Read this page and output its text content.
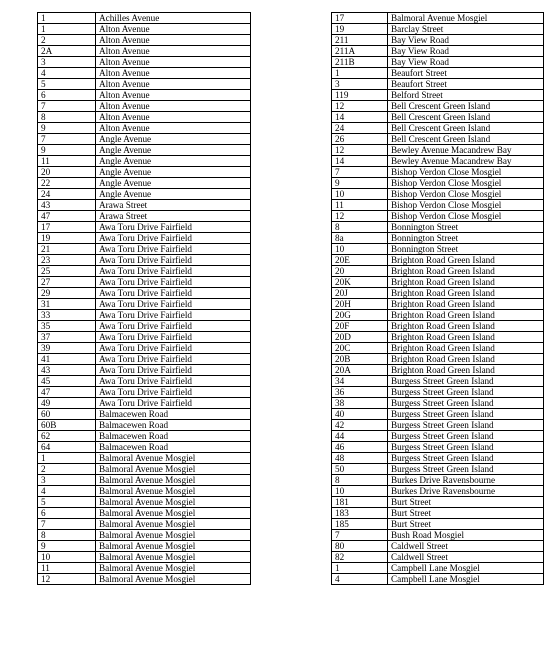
1	Achilles Avenue
1	Alton Avenue
2	Alton Avenue
2A	Alton Avenue
3	Alton Avenue
4	Alton Avenue
5	Alton Avenue
6	Alton Avenue
7	Alton Avenue
8	Alton Avenue
9	Alton Avenue
7	Angle Avenue
9	Angle Avenue
11	Angle Avenue
20	Angle Avenue
22	Angle Avenue
24	Angle Avenue
43	Arawa Street
47	Arawa Street
17	Awa Toru Drive Fairfield
19	Awa Toru Drive Fairfield
21	Awa Toru Drive Fairfield
23	Awa Toru Drive Fairfield
25	Awa Toru Drive Fairfield
27	Awa Toru Drive Fairfield
29	Awa Toru Drive Fairfield
31	Awa Toru Drive Fairfield
33	Awa Toru Drive Fairfield
35	Awa Toru Drive Fairfield
37	Awa Toru Drive Fairfield
39	Awa Toru Drive Fairfield
41	Awa Toru Drive Fairfield
43	Awa Toru Drive Fairfield
45	Awa Toru Drive Fairfield
47	Awa Toru Drive Fairfield
49	Awa Toru Drive Fairfield
60	Balmacewen Road
60B	Balmacewen Road
62	Balmacewen Road
64	Balmacewen Road
1	Balmoral Avenue Mosgiel
2	Balmoral Avenue Mosgiel
3	Balmoral Avenue Mosgiel
4	Balmoral Avenue Mosgiel
5	Balmoral Avenue Mosgiel
6	Balmoral Avenue Mosgiel
7	Balmoral Avenue Mosgiel
8	Balmoral Avenue Mosgiel
9	Balmoral Avenue Mosgiel
10	Balmoral Avenue Mosgiel
11	Balmoral Avenue Mosgiel
12	Balmoral Avenue Mosgiel
17	Balmoral Avenue Mosgiel
19	Barclay Street
211	Bay View Road
211A	Bay View Road
211B	Bay View Road
1	Beaufort Street
3	Beaufort Street
119	Belford Street
12	Bell Crescent Green Island
14	Bell Crescent Green Island
24	Bell Crescent Green Island
26	Bell Crescent Green Island
12	Bewley Avenue Macandrew Bay
14	Bewley Avenue Macandrew Bay
7	Bishop Verdon Close Mosgiel
9	Bishop Verdon Close Mosgiel
10	Bishop Verdon Close Mosgiel
11	Bishop Verdon Close Mosgiel
12	Bishop Verdon Close Mosgiel
8	Bonnington Street
8a	Bonnington Street
10	Bonnington Street
20E	Brighton Road Green Island
20	Brighton Road Green Island
20K	Brighton Road Green Island
20J	Brighton Road Green Island
20H	Brighton Road Green Island
20G	Brighton Road Green Island
20F	Brighton Road Green Island
20D	Brighton Road Green Island
20C	Brighton Road Green Island
20B	Brighton Road Green Island
20A	Brighton Road Green Island
34	Burgess Street Green Island
36	Burgess Street Green Island
38	Burgess Street Green Island
40	Burgess Street Green Island
42	Burgess Street Green Island
44	Burgess Street Green Island
46	Burgess Street Green Island
48	Burgess Street Green Island
50	Burgess Street Green Island
8	Burkes Drive Ravensbourne
10	Burkes Drive Ravensbourne
181	Burt Street
183	Burt Street
185	Burt Street
7	Bush Road Mosgiel
80	Caldwell Street
82	Caldwell Street
1	Campbell Lane Mosgiel
4	Campbell Lane Mosgiel
